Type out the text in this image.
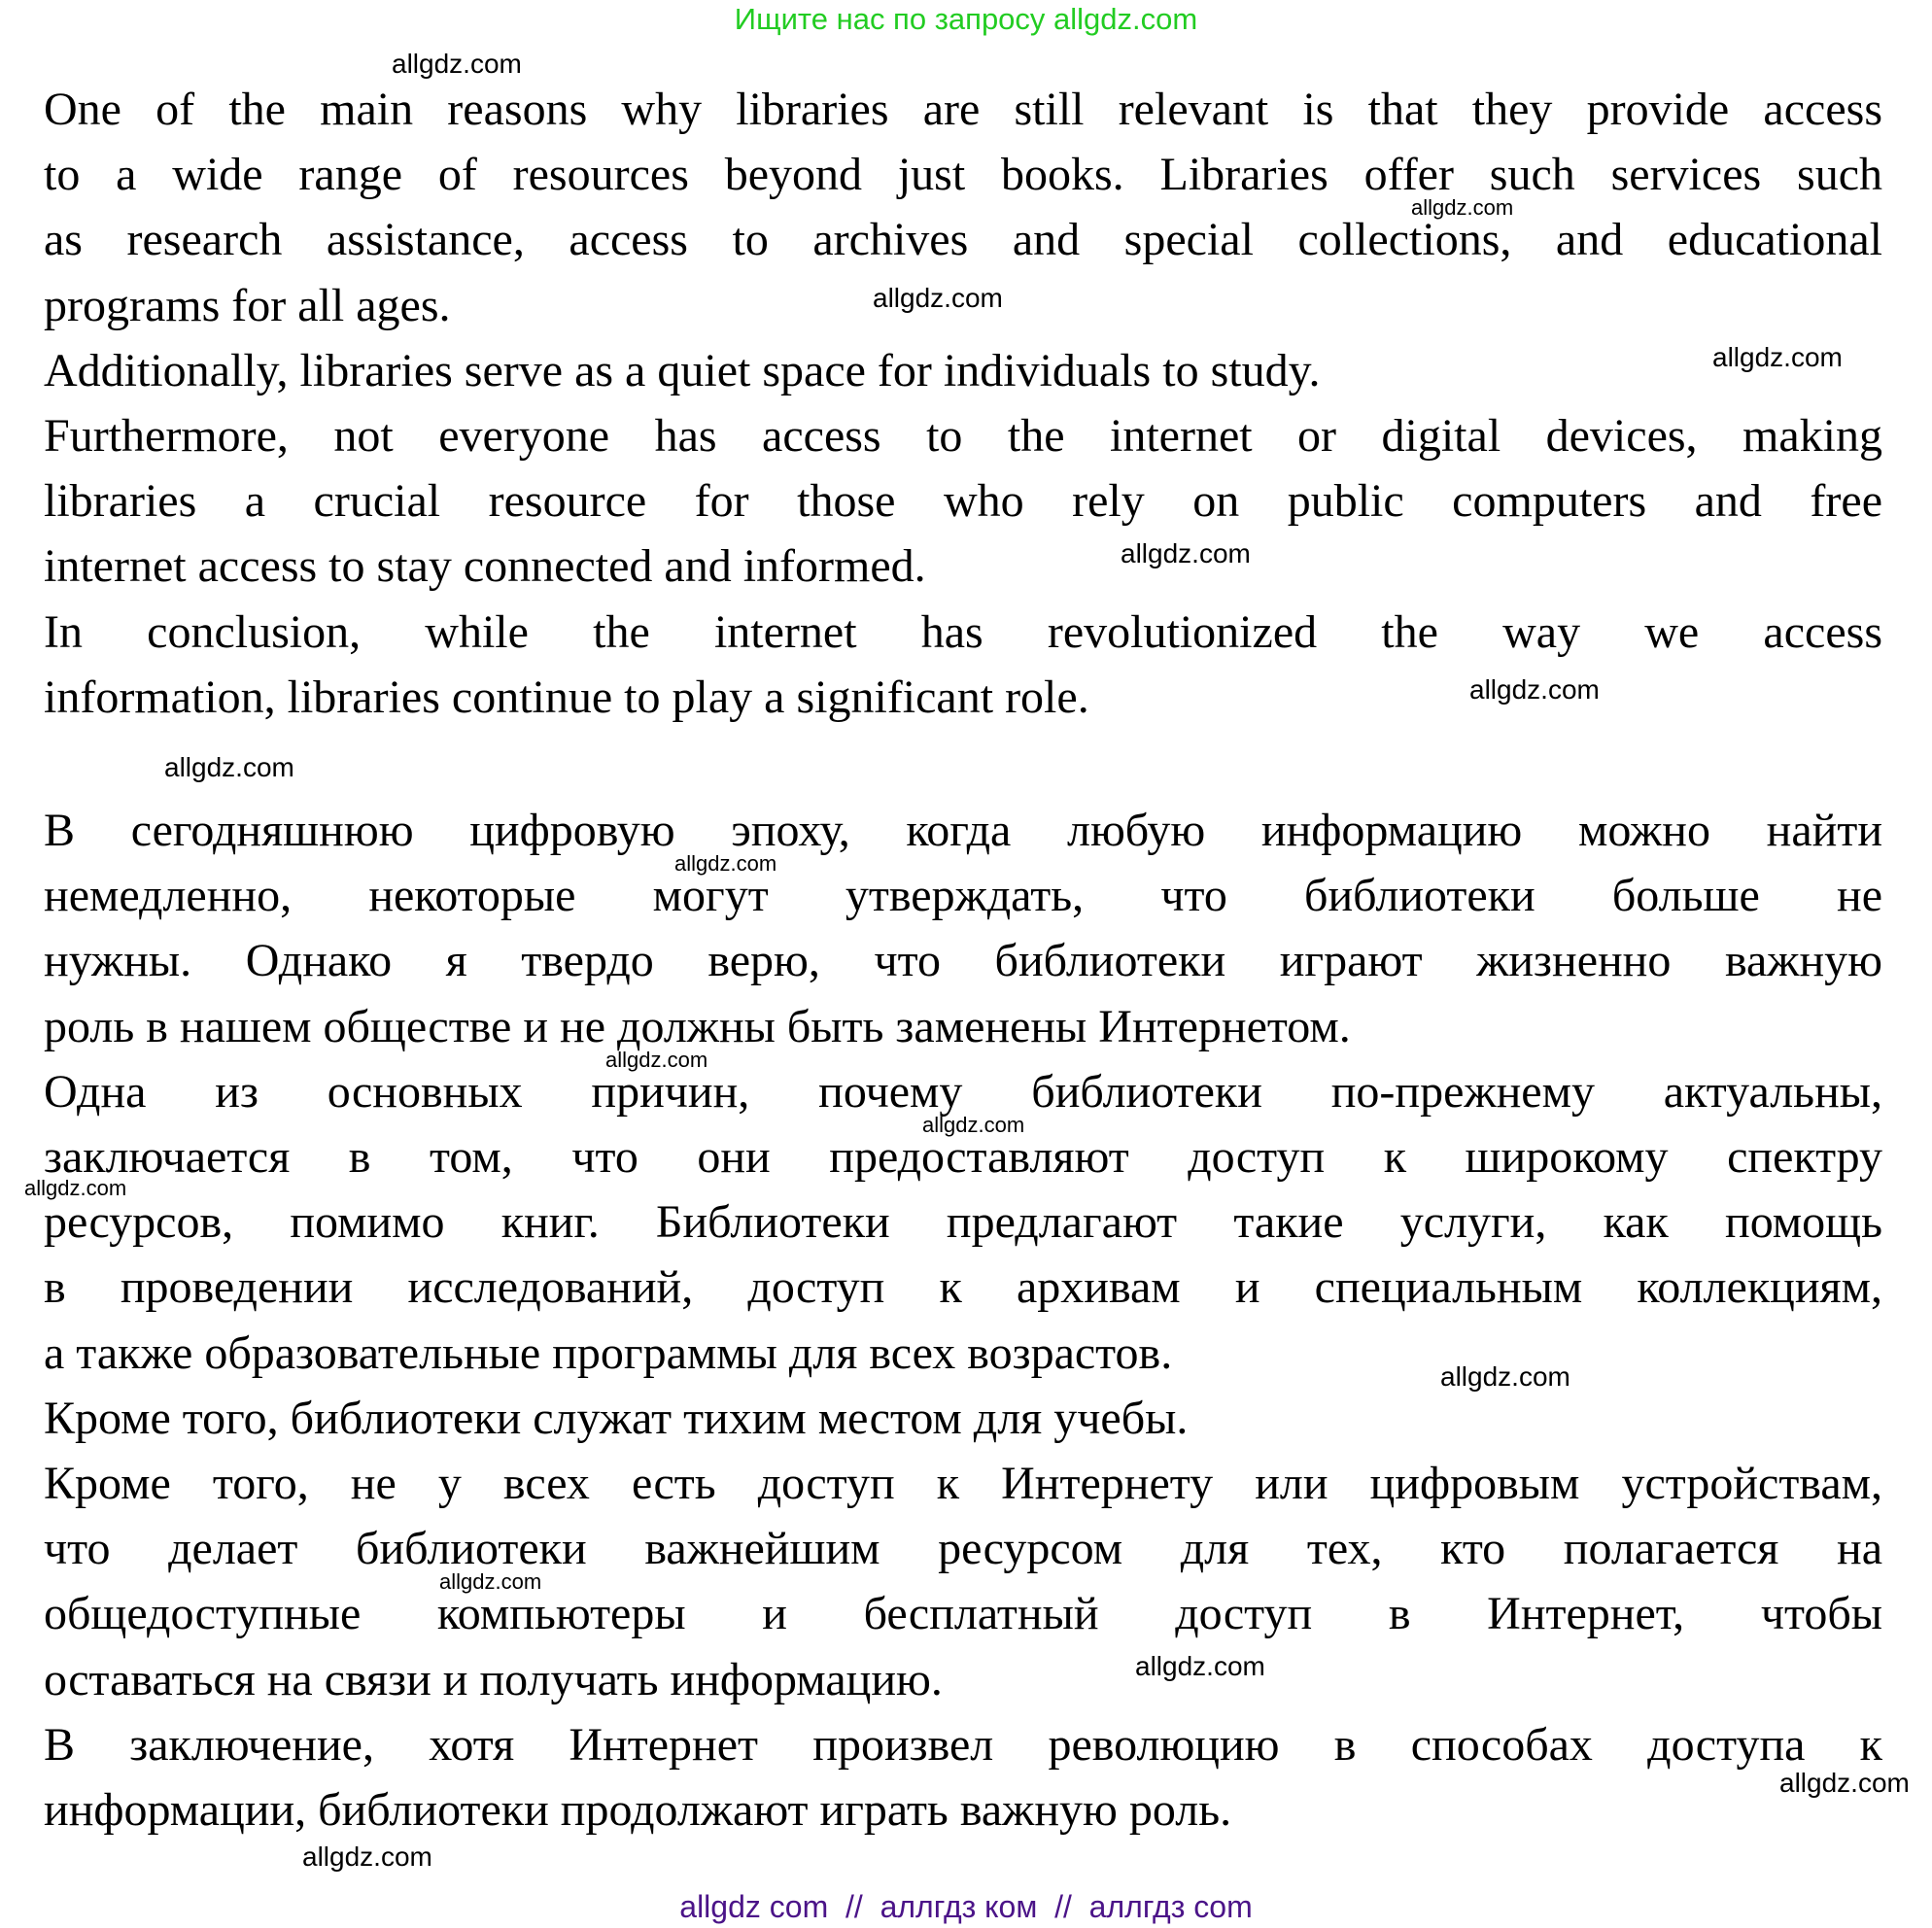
Ищите нас по запросу allgdz.com
One of the main reasons why libraries are still relevant is that they provide access
to a wide range of resources beyond just books. Libraries offer such services such
as research assistance, access to archives and special collections, and educational
programs for all ages.
Additionally, libraries serve as a quiet space for individuals to study.
Furthermore, not everyone has access to the internet or digital devices, making
libraries a crucial resource for those who rely on public computers and free
internet access to stay connected and informed.
In conclusion, while the internet has revolutionized the way we access
information, libraries continue to play a significant role.
В сегодняшнюю цифровую эпоху, когда любую информацию можно найти
немедленно, некоторые могут утверждать, что библиотеки больше не
нужны. Однако я твердо верю, что библиотеки играют жизненно важную
роль в нашем обществе и не должны быть заменены Интернетом.
Одна из основных причин, почему библиотеки по-прежнему актуальны,
заключается в том, что они предоставляют доступ к широкому спектру
ресурсов, помимо книг. Библиотеки предлагают такие услуги, как помощь
в проведении исследований, доступ к архивам и специальным коллекциям,
а также образовательные программы для всех возрастов.
Кроме того, библиотеки служат тихим местом для учебы.
Кроме того, не у всех есть доступ к Интернету или цифровым устройствам,
что делает библиотеки важнейшим ресурсом для тех, кто полагается на
общедоступные компьютеры и бесплатный доступ в Интернет, чтобы
оставаться на связи и получать информацию.
В заключение, хотя Интернет произвел революцию в способах доступа к
информации, библиотеки продолжают играть важную роль.
allgdz.com
allgdz.com
allgdz.com
allgdz.com
allgdz.com
allgdz.com
allgdz.com
allgdz.com
allgdz.com
allgdz.com
allgdz.com
allgdz.com
allgdz.com
allgdz.com
allgdz.com
allgdz.com
allgdz com  //  аллгдз ком  //  аллгдз com
